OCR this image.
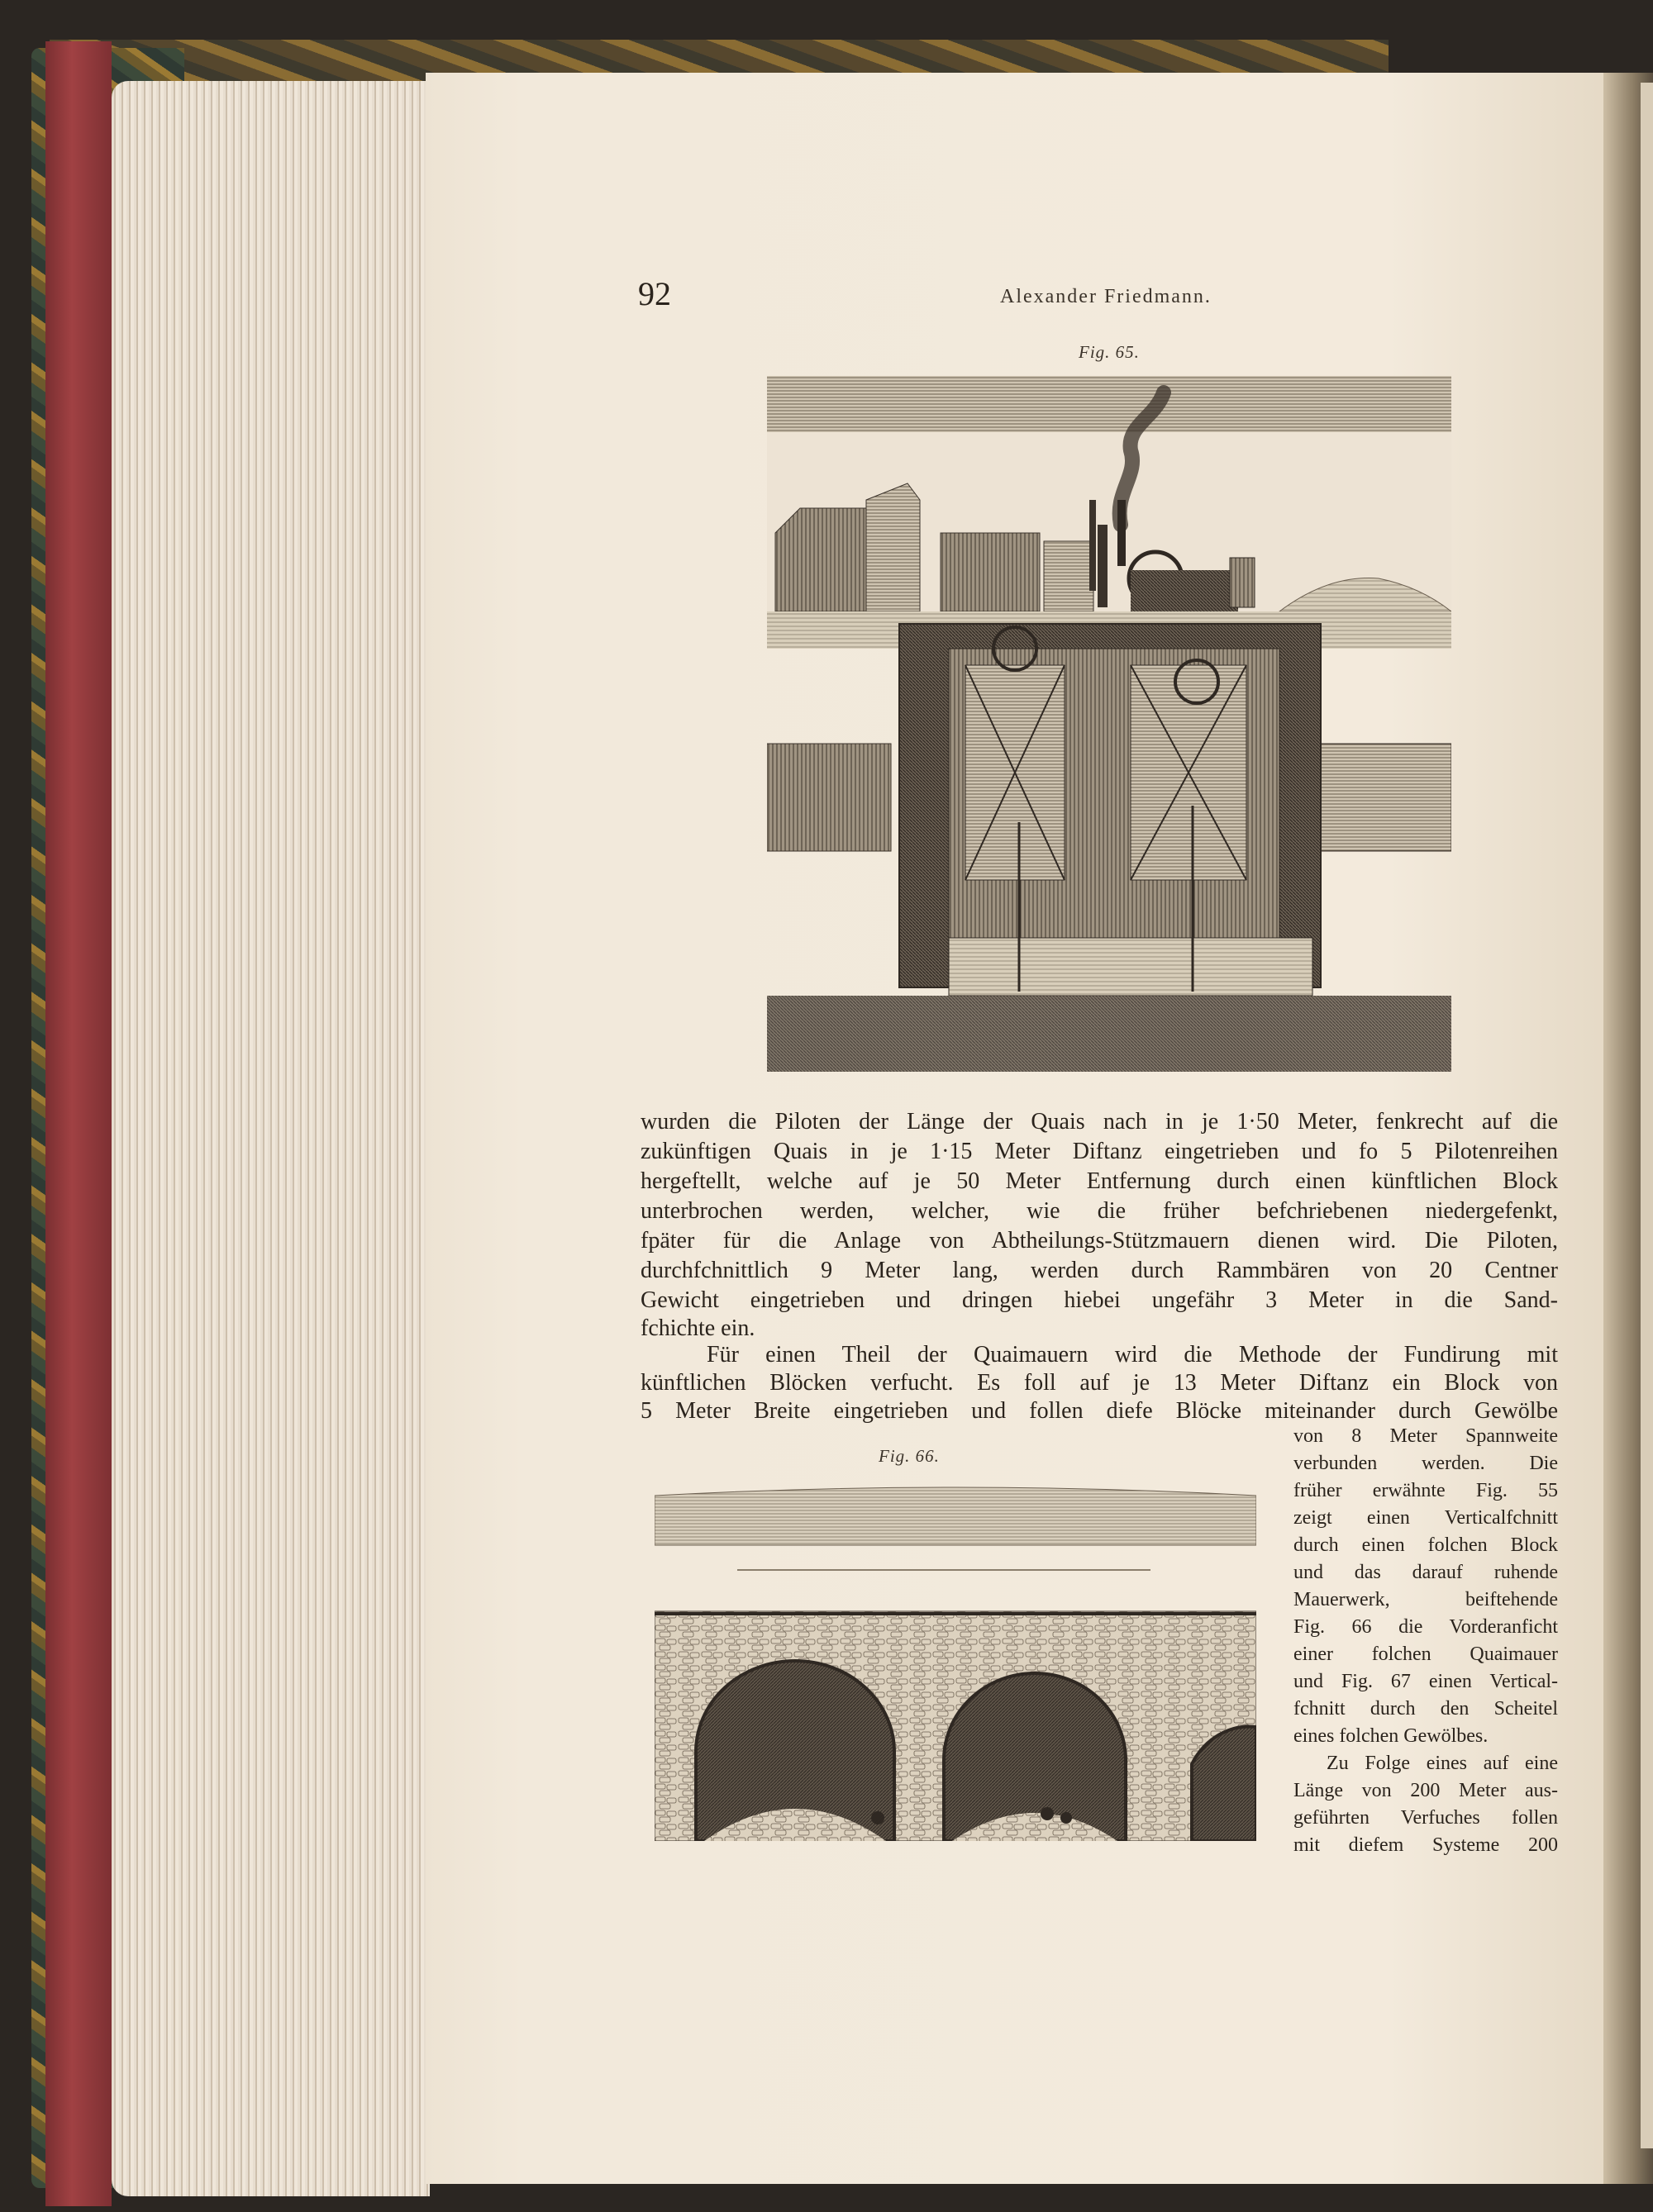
92	Alexander Friedmann.
Fig. 65.
wurden die Piloten der Länge der Quais nach in je 1·50 Meter, fenkrecht auf die
zukünftigen Quais in je 1·15 Meter Diftanz eingetrieben und fo 5 Pilotenreihen
hergeftellt, welche auf je 50 Meter Entfernung durch einen künftlichen Block
unterbrochen werden, welcher, wie die früher befchriebenen niedergefenkt,
fpäter für die Anlage von Abtheilungs-Stützmauern dienen wird. Die Piloten,
durchfchnittlich 9 Meter lang, werden durch Rammbären von 20 Centner
Gewicht eingetrieben und dringen hiebei ungefähr 3 Meter in die Sand-
fchichte ein.
Für einen Theil der Quaimauern wird die Methode der Fundirung mit
künftlichen Blöcken verfucht. Es foll auf je 13 Meter Diftanz ein Block von
5 Meter Breite eingetrieben und follen diefe Blöcke miteinander durch Gewölbe
von 8 Meter Spannweite
verbunden werden. Die
früher erwähnte Fig. 55
zeigt einen Verticalfchnitt
durch einen folchen Block
und das darauf ruhende
Mauerwerk, beiftehende
Fig. 66 die Vorderanficht
einer folchen Quaimauer
und Fig. 67 einen Vertical-
fchnitt durch den Scheitel
eines folchen Gewölbes.
Zu Folge eines auf eine
Länge von 200 Meter aus-
geführten Verfuches follen
mit diefem Systeme 200
Fig. 66.
